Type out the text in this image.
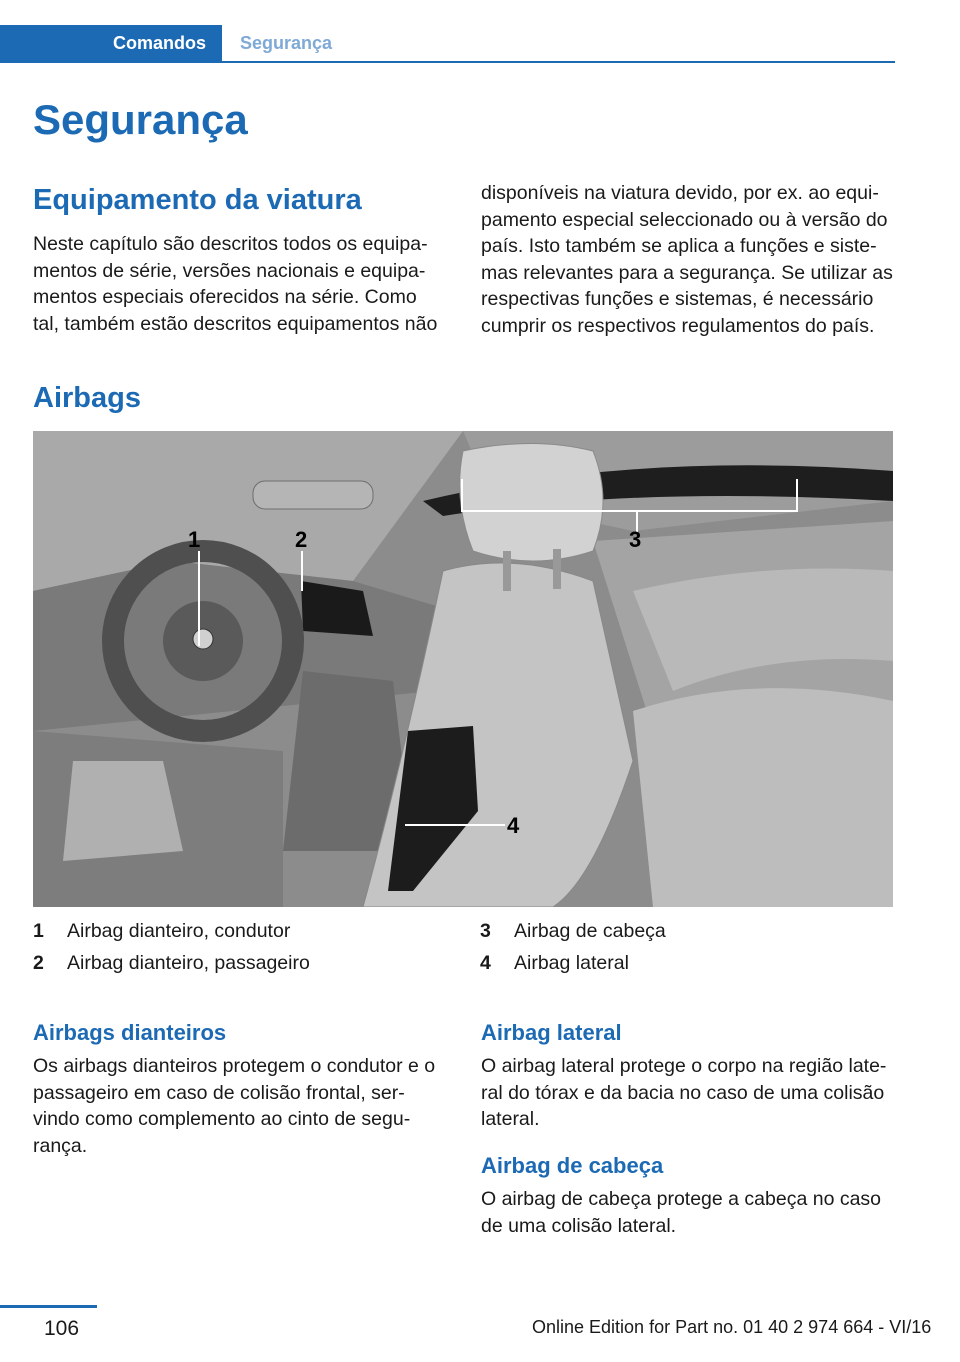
Comandos	Segurança
Segurança
Equipamento da viatura

Neste capítulo são descritos todos os equipa‐
mentos de série, versões nacionais e equipa‐
mentos especiais oferecidos na série. Como
tal, também estão descritos equipamentos não

disponíveis na viatura devido, por ex. ao equi‐
pamento especial seleccionado ou à versão do
país. Isto também se aplica a funções e siste‐
mas relevantes para a segurança. Se utilizar as
respectivas funções e sistemas, é necessário
cumprir os respectivos regulamentos do país.

Airbags
1	2	3
4
1 Airbag dianteiro, condutor
2 Airbag dianteiro, passageiro
3 Airbag de cabeça
4 Airbag lateral
Airbags dianteiros

Os airbags dianteiros protegem o condutor e o
passageiro em caso de colisão frontal, ser‐
vindo como complemento ao cinto de segu‐
rança.

Airbag lateral

O airbag lateral protege o corpo na região late‐
ral do tórax e da bacia no caso de uma colisão
lateral.

Airbag de cabeça

O airbag de cabeça protege a cabeça no caso
de uma colisão lateral.

106	Online Edition for Part no. 01 40 2 974 664 - VI/16
